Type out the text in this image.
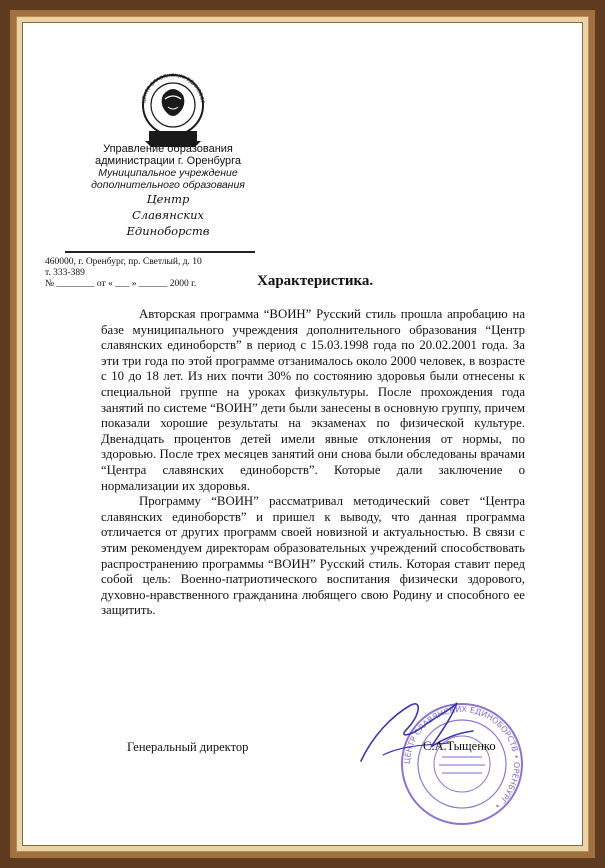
ЦЕНТР СЛАВЯНСКИХ ЕДИНОБОР
Управление образования
администрации г. Оренбурга
Муниципальное учреждение
дополнительного образования
Центр
Славянских
Единоборств
460000, г. Оренбург, пр. Светлый, д. 10
т. 333-389
№ ________ от « ___ » ______ 2000 г.	Характеристика.

Авторская программа “ВОИН” Русский стиль прошла апробацию на базе муниципального учреждения дополнительного образования “Центр славянских единоборств” в период с 15.03.1998 года по 20.02.2001 года. За эти три года по этой программе отзанималось около 2000 человек, в возрасте с 10 до 18 лет. Из них почти 30% по состоянию здоровья были отнесены к специальной группе на уроках физкультуры. После прохождения года занятий по системе “ВОИН” дети были занесены в основную группу, причем показали хорошие результаты на экзаменах по физической культуре. Двенадцать процентов детей имели явные отклонения от нормы, по здоровью. После трех месяцев занятий они снова были обследованы врачами “Центра славянских единоборств”. Которые дали заключение о нормализации их здоровья.

Программу “ВОИН” рассматривал методический совет “Центра славянских единоборств” и пришел к выводу, что данная программа отличается от других программ своей новизной и актуальностью. В связи с этим рекомендуем директорам образовательных учреждений способствовать распространению программы “ВОИН” Русский стиль. Которая ставит перед собой цель: Военно-патриотического воспитания физически здорового, духовно-нравственного гражданина любящего свою Родину и способного ее защитить.

Генеральный директор
ЦЕНТР СЛАВЯНСКИХ ЕДИНОБОРСТВ • ОРЕНБУРГ •
С.А.Тыщенко
